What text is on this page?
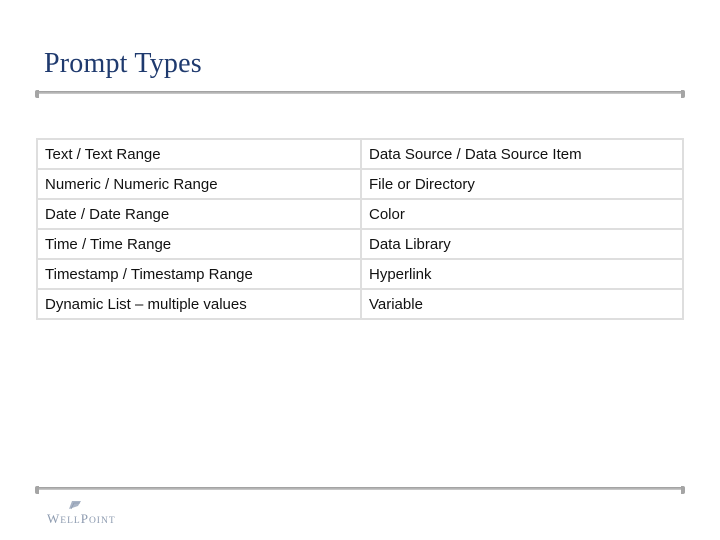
Prompt Types
Text / Text Range	Data Source / Data Source Item
Numeric / Numeric Range	File or Directory
Date / Date Range	Color
Time / Time Range	Data Library
Timestamp / Timestamp Range	Hyperlink
Dynamic List – multiple values	Variable
W ELL P OINT
